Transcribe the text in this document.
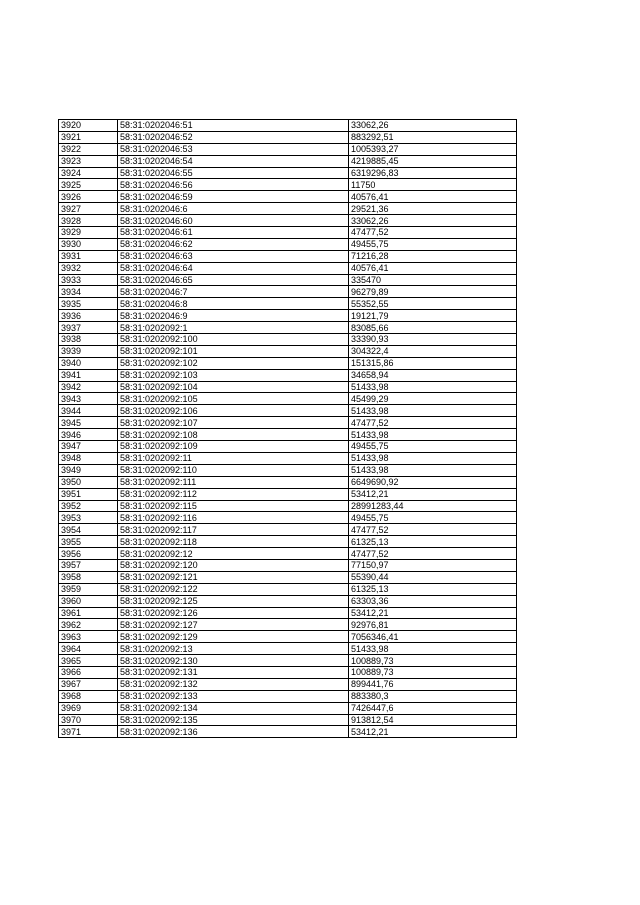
3920	58:31:0202046:51	33062,26
3921	58:31:0202046:52	883292,51
3922	58:31:0202046:53	1005393,27
3923	58:31:0202046:54	4219885,45
3924	58:31:0202046:55	6319296,83
3925	58:31:0202046:56	11750
3926	58:31:0202046:59	40576,41
3927	58:31:0202046:6	29521,36
3928	58:31:0202046:60	33062,26
3929	58:31:0202046:61	47477,52
3930	58:31:0202046:62	49455,75
3931	58:31:0202046:63	71216,28
3932	58:31:0202046:64	40576,41
3933	58:31:0202046:65	335470
3934	58:31:0202046:7	96279,89
3935	58:31:0202046:8	55352,55
3936	58:31:0202046:9	19121,79
3937	58:31:0202092:1	83085,66
3938	58:31:0202092:100	33390,93
3939	58:31:0202092:101	304322,4
3940	58:31:0202092:102	151315,86
3941	58:31:0202092:103	34658,94
3942	58:31:0202092:104	51433,98
3943	58:31:0202092:105	45499,29
3944	58:31:0202092:106	51433,98
3945	58:31:0202092:107	47477,52
3946	58:31:0202092:108	51433,98
3947	58:31:0202092:109	49455,75
3948	58:31:0202092:11	51433,98
3949	58:31:0202092:110	51433,98
3950	58:31:0202092:111	6649690,92
3951	58:31:0202092:112	53412,21
3952	58:31:0202092:115	28991283,44
3953	58:31:0202092:116	49455,75
3954	58:31:0202092:117	47477,52
3955	58:31:0202092:118	61325,13
3956	58:31:0202092:12	47477,52
3957	58:31:0202092:120	77150,97
3958	58:31:0202092:121	55390,44
3959	58:31:0202092:122	61325,13
3960	58:31:0202092:125	63303,36
3961	58:31:0202092:126	53412,21
3962	58:31:0202092:127	92976,81
3963	58:31:0202092:129	7056346,41
3964	58:31:0202092:13	51433,98
3965	58:31:0202092:130	100889,73
3966	58:31:0202092:131	100889,73
3967	58:31:0202092:132	899441,76
3968	58:31:0202092:133	883380,3
3969	58:31:0202092:134	7426447,6
3970	58:31:0202092:135	913812,54
3971	58:31:0202092:136	53412,21
